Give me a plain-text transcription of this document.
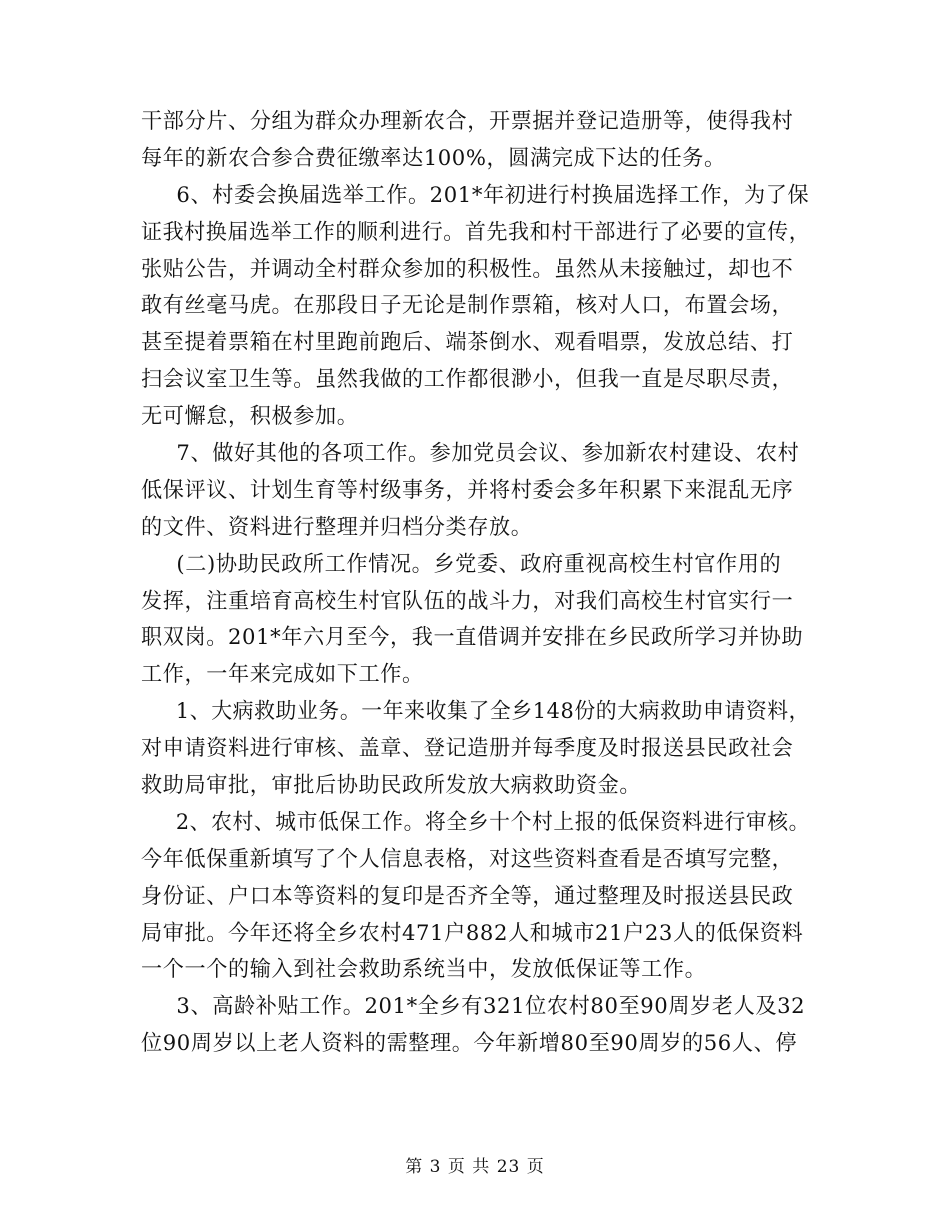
干部分片、分组为群众办理新农合，开票据并登记造册等，使得我村
每年的新农合参合费征缴率达100%，圆满完成下达的任务。
6、村委会换届选举工作。201*年初进行村换届选择工作，为了保
证我村换届选举工作的顺利进行。首先我和村干部进行了必要的宣传，
张贴公告，并调动全村群众参加的积极性。虽然从未接触过，却也不
敢有丝毫马虎。在那段日子无论是制作票箱，核对人口，布置会场，
甚至提着票箱在村里跑前跑后、端茶倒水、观看唱票，发放总结、打
扫会议室卫生等。虽然我做的工作都很渺小，但我一直是尽职尽责，
无可懈怠，积极参加。
7、做好其他的各项工作。参加党员会议、参加新农村建设、农村
低保评议、计划生育等村级事务，并将村委会多年积累下来混乱无序
的文件、资料进行整理并归档分类存放。
(二)协助民政所工作情况。乡党委、政府重视高校生村官作用的
发挥，注重培育高校生村官队伍的战斗力，对我们高校生村官实行一
职双岗。201*年六月至今，我一直借调并安排在乡民政所学习并协助
工作，一年来完成如下工作。
1、大病救助业务。一年来收集了全乡148份的大病救助申请资料，
对申请资料进行审核、盖章、登记造册并每季度及时报送县民政社会
救助局审批，审批后协助民政所发放大病救助资金。
2、农村、城市低保工作。将全乡十个村上报的低保资料进行审核。
今年低保重新填写了个人信息表格，对这些资料查看是否填写完整，
身份证、户口本等资料的复印是否齐全等，通过整理及时报送县民政
局审批。今年还将全乡农村471户882人和城市21户23人的低保资料
一个一个的输入到社会救助系统当中，发放低保证等工作。
3、高龄补贴工作。201*全乡有321位农村80至90周岁老人及32
位90周岁以上老人资料的需整理。今年新增80至90周岁的56人、停
第 3 页 共 23 页
